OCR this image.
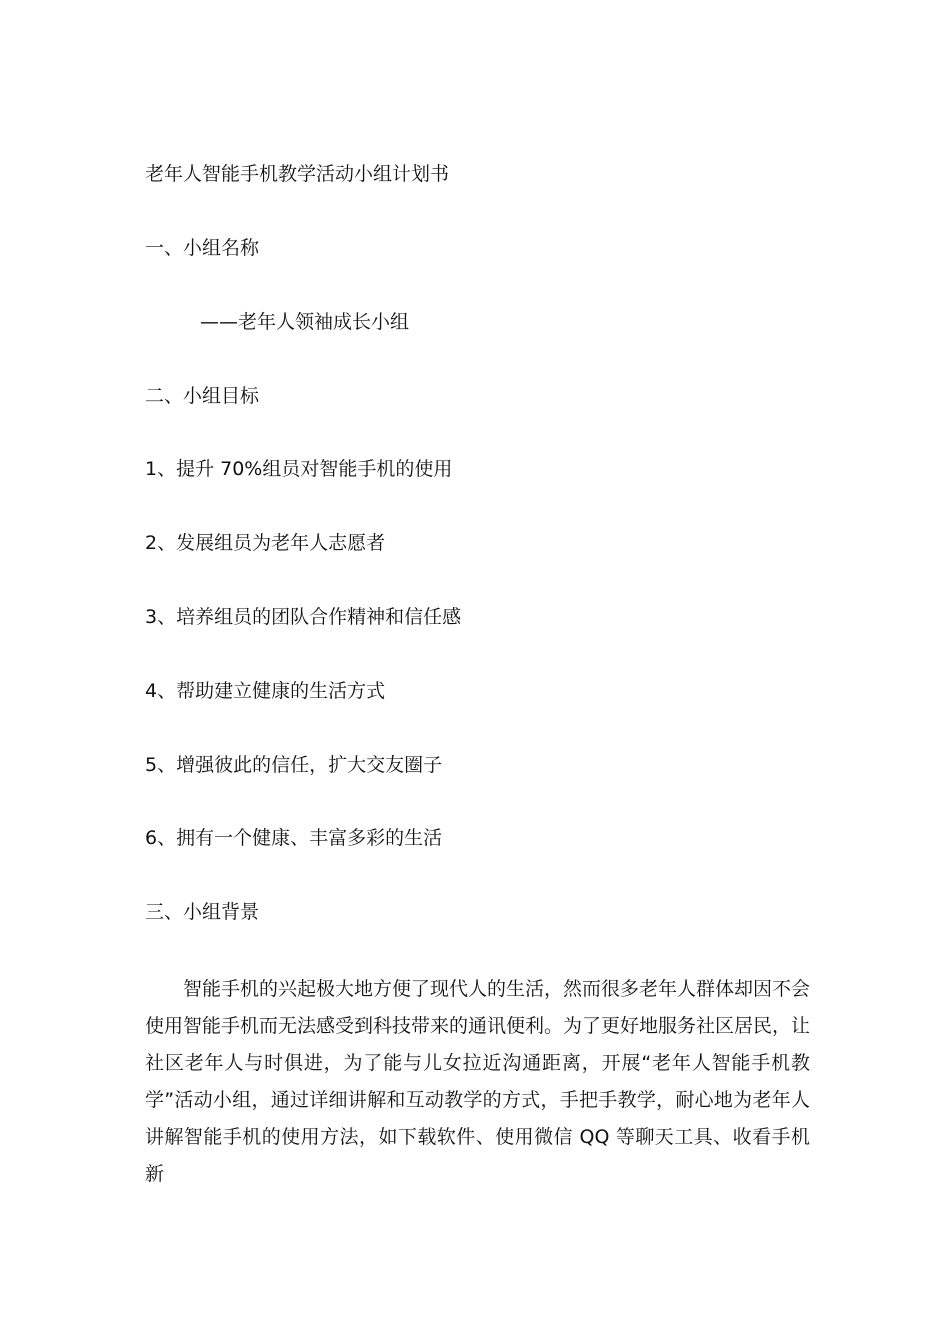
老年人智能手机教学活动小组计划书
一、小组名称
——老年人领袖成长小组
二、小组目标
1、提升 70%组员对智能手机的使用
2、发展组员为老年人志愿者
3、培养组员的团队合作精神和信任感
4、帮助建立健康的生活方式
5、增强彼此的信任，扩大交友圈子
6、拥有一个健康、丰富多彩的生活
三、小组背景
智能手机的兴起极大地方便了现代人的生活，然而很多老年人群体却因不会使用智能手机而无法感受到科技带来的通讯便利。为了更好地服务社区居民，让社区老年人与时俱进，为了能与儿女拉近沟通距离，开展“老年人智能手机教学”活动小组，通过详细讲解和互动教学的方式，手把手教学，耐心地为老年人讲解智能手机的使用方法，如下载软件、使用微信 QQ 等聊天工具、收看手机新
